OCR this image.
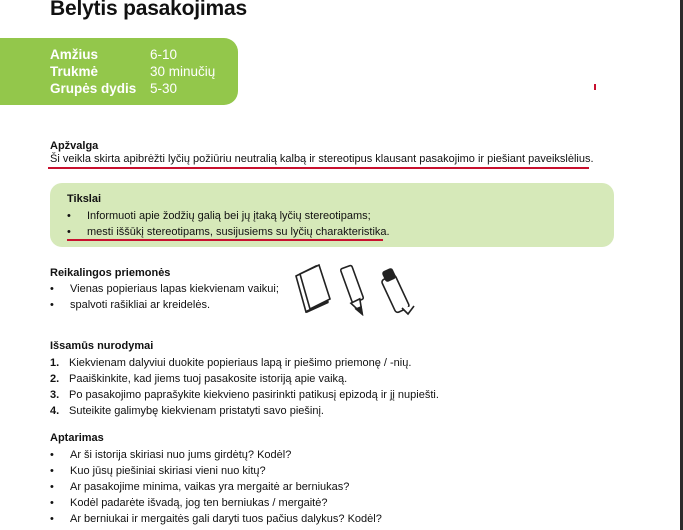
Belytis pasakojimas
Amžius	6-10
Trukmė	30 minučių
Grupės dydis 5-30
Apžvalga
Ši veikla skirta apibrėžti lyčių požiūriu neutralią kalbą ir stereotipus klausant pasakojimo ir piešiant paveikslėlius.
Tikslai
• Informuoti apie žodžių galią bei jų įtaką lyčių stereotipams;
• mesti iššūkį stereotipams, susijusiems su lyčių charakteristika.
Reikalingos priemonės
• Vienas popieriaus lapas kiekvienam vaikui;
• spalvoti rašikliai ar kreidelės.
Išsamūs nurodymai
1. Kiekvienam dalyviui duokite popieriaus lapą ir piešimo priemonę / -nių.
2. Paaiškinkite, kad jiems tuoj pasakosite istoriją apie vaiką.
3. Po pasakojimo paprašykite kiekvieno pasirinkti patikusį epizodą ir jį nupiešti.
4. Suteikite galimybę kiekvienam pristatyti savo piešinį.
Aptarimas
• Ar ši istorija skiriasi nuo jums girdėtų? Kodėl?
• Kuo jūsų piešiniai skiriasi vieni nuo kitų?
• Ar pasakojime minima, vaikas yra mergaitė ar berniukas?
• Kodėl padarėte išvadą, jog ten berniukas / mergaitė?
• Ar berniukai ir mergaitės gali daryti tuos pačius dalykus? Kodėl?
